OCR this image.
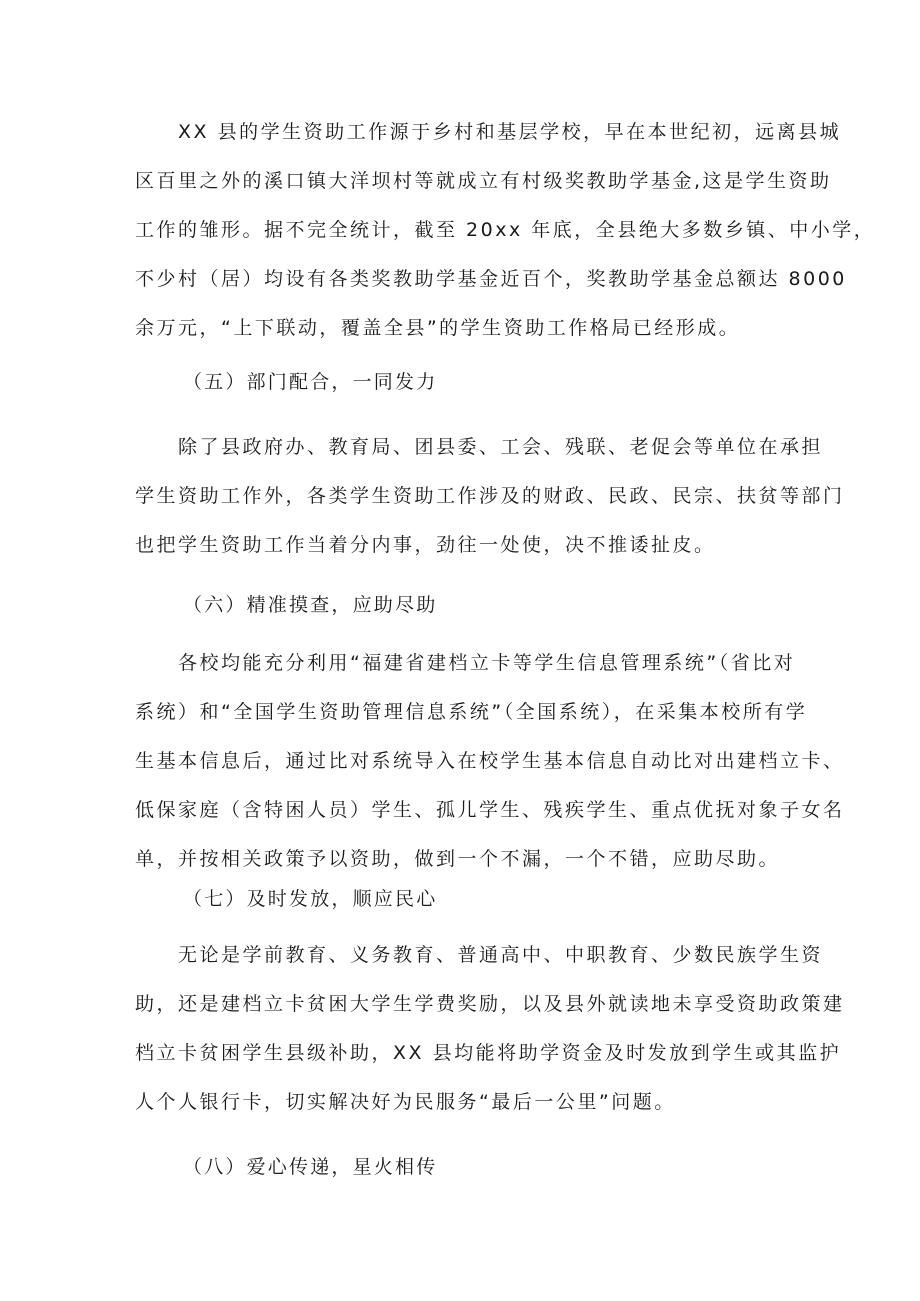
XX 县的学生资助工作源于乡村和基层学校，早在本世纪初，远离县城
区百里之外的溪口镇大洋坝村等就成立有村级奖教助学基金,这是学生资助
工作的雏形。据不完全统计，截至 20xx 年底，全县绝大多数乡镇、中小学，
不少村（居）均设有各类奖教助学基金近百个，奖教助学基金总额达 8000
余万元，“上下联动，覆盖全县”的学生资助工作格局已经形成。
（五）部门配合，一同发力
除了县政府办、教育局、团县委、工会、残联、老促会等单位在承担
学生资助工作外，各类学生资助工作涉及的财政、民政、民宗、扶贫等部门
也把学生资助工作当着分内事，劲往一处使，决不推诿扯皮。
（六）精准摸查，应助尽助
各校均能充分利用“福建省建档立卡等学生信息管理系统”（省比对
系统）和“全国学生资助管理信息系统”（全国系统），在采集本校所有学
生基本信息后，通过比对系统导入在校学生基本信息自动比对出建档立卡、
低保家庭（含特困人员）学生、孤儿学生、残疾学生、重点优抚对象子女名
单，并按相关政策予以资助，做到一个不漏，一个不错，应助尽助。
（七）及时发放，顺应民心
无论是学前教育、义务教育、普通高中、中职教育、少数民族学生资
助，还是建档立卡贫困大学生学费奖励，以及县外就读地未享受资助政策建
档立卡贫困学生县级补助，XX 县均能将助学资金及时发放到学生或其监护
人个人银行卡，切实解决好为民服务“最后一公里”问题。
（八）爱心传递，星火相传
